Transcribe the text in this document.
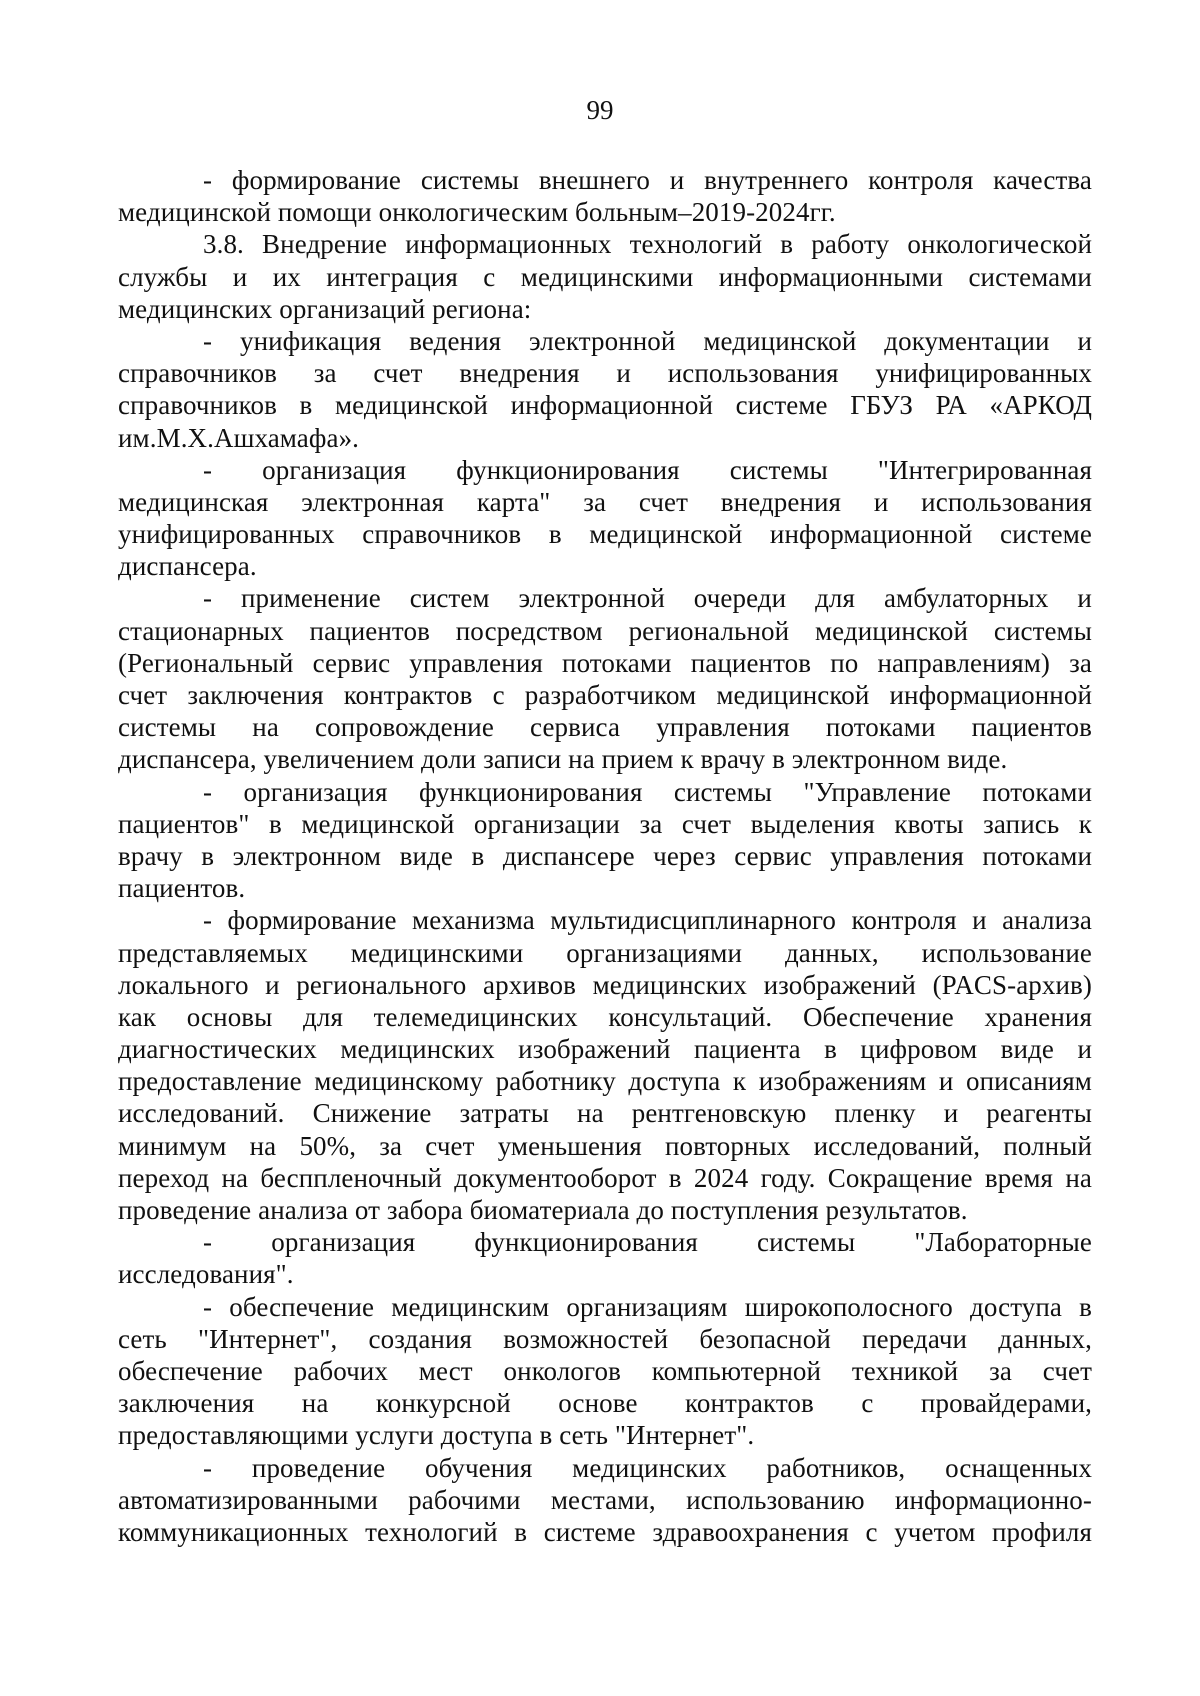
99
- формирование системы внешнего и внутреннего контроля качества
медицинской помощи онкологическим больным–2019-2024гг.
3.8. Внедрение информационных технологий в работу онкологической
службы и их интеграция с медицинскими информационными системами
медицинских организаций региона:
- унификация ведения электронной медицинской документации и
справочников за счет внедрения и использования унифицированных
справочников в медицинской информационной системе ГБУЗ РА «АРКОД
им.М.Х.Ашхамафа».
- организация функционирования системы "Интегрированная
медицинская электронная карта" за счет внедрения и использования
унифицированных справочников в медицинской информационной системе
диспансера.
- применение систем электронной очереди для амбулаторных и
стационарных пациентов посредством региональной медицинской системы
(Региональный сервис управления потоками пациентов по направлениям) за
счет заключения контрактов с разработчиком медицинской информационной
системы на сопровождение сервиса управления потоками пациентов
диспансера, увеличением доли записи на прием к врачу в электронном виде.
- организация функционирования системы "Управление потоками
пациентов" в медицинской организации за счет выделения квоты запись к
врачу в электронном виде в диспансере через сервис управления потоками
пациентов.
- формирование механизма мультидисциплинарного контроля и анализа
представляемых медицинскими организациями данных, использование
локального и регионального архивов медицинских изображений (PACS-архив)
как основы для телемедицинских консультаций. Обеспечение хранения
диагностических медицинских изображений пациента в цифровом виде и
предоставление медицинскому работнику доступа к изображениям и описаниям
исследований. Снижение затраты на рентгеновскую пленку и реагенты
минимум на 50%, за счет уменьшения повторных исследований, полный
переход на бесппленочный документооборот в 2024 году. Сокращение время на
проведение анализа от забора биоматериала до поступления результатов.
- организация функционирования системы "Лабораторные
исследования".
- обеспечение медицинским организациям широкополосного доступа в
сеть "Интернет", создания возможностей безопасной передачи данных,
обеспечение рабочих мест онкологов компьютерной техникой за счет
заключения на конкурсной основе контрактов с провайдерами,
предоставляющими услуги доступа в сеть "Интернет".
- проведение обучения медицинских работников, оснащенных
автоматизированными рабочими местами, использованию информационно-
коммуникационных технологий в системе здравоохранения с учетом профиля
